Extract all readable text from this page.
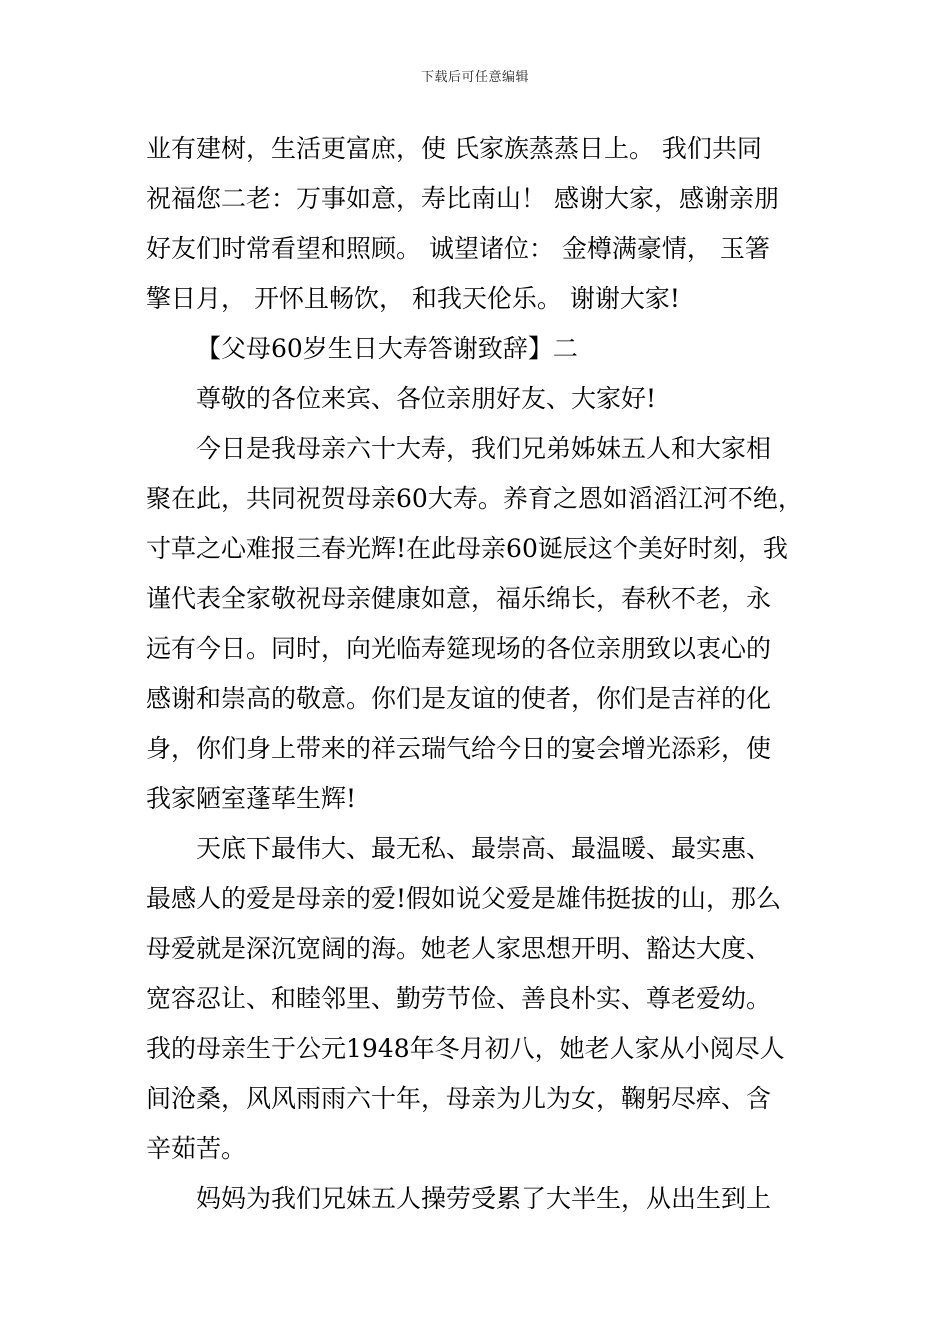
下载后可任意编辑
业有建树，生活更富庶，使 氏家族蒸蒸日上。 我们共同
祝福您二老：万事如意，寿比南山！ 感谢大家，感谢亲朋
好友们时常看望和照顾。 诚望诸位： 金樽满豪情， 玉箸
擎日月， 开怀且畅饮， 和我天伦乐。 谢谢大家!
【父母60岁生日大寿答谢致辞】二
尊敬的各位来宾、各位亲朋好友、大家好!
今日是我母亲六十大寿，我们兄弟姊妹五人和大家相
聚在此，共同祝贺母亲60大寿。养育之恩如滔滔江河不绝，
寸草之心难报三春光辉!在此母亲60诞辰这个美好时刻，我
谨代表全家敬祝母亲健康如意，福乐绵长，春秋不老，永
远有今日。同时，向光临寿筵现场的各位亲朋致以衷心的
感谢和崇高的敬意。你们是友谊的使者，你们是吉祥的化
身，你们身上带来的祥云瑞气给今日的宴会增光添彩，使
我家陋室蓬荜生辉!
天底下最伟大、最无私、最崇高、最温暖、最实惠、
最感人的爱是母亲的爱!假如说父爱是雄伟挺拔的山，那么
母爱就是深沉宽阔的海。她老人家思想开明、豁达大度、
宽容忍让、和睦邻里、勤劳节俭、善良朴实、尊老爱幼。
我的母亲生于公元1948年冬月初八，她老人家从小阅尽人
间沧桑，风风雨雨六十年，母亲为儿为女，鞠躬尽瘁、含
辛茹苦。
妈妈为我们兄妹五人操劳受累了大半生，从出生到上
